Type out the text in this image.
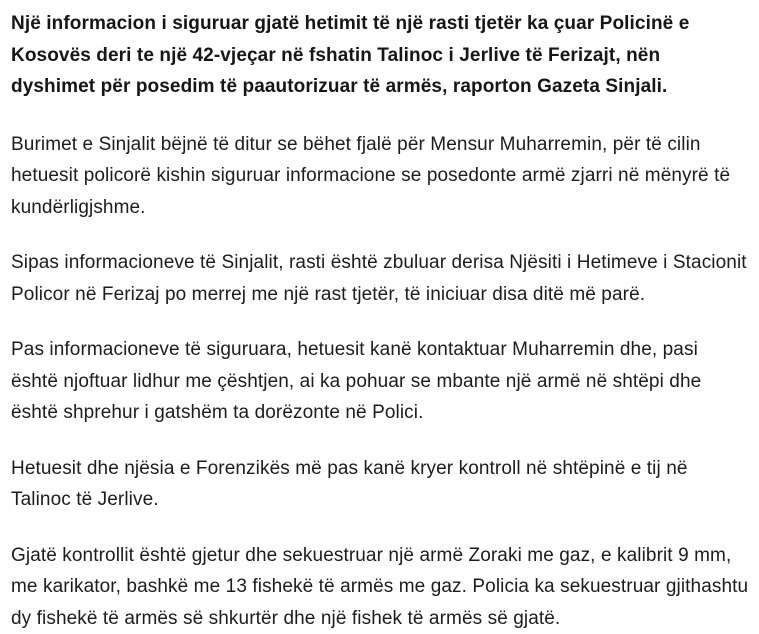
Një informacion i siguruar gjatë hetimit të një rasti tjetër ka çuar Policinë e Kosovës deri te një 42-vjeçar në fshatin Talinoc i Jerlive të Ferizajt, nën dyshimet për posedim të paautorizuar të armës, raporton Gazeta Sinjali.

Burimet e Sinjalit bëjnë të ditur se bëhet fjalë për Mensur Muharremin, për të cilin hetuesit policorë kishin siguruar informacione se posedonte armë zjarri në mënyrë të kundërligjshme.

Sipas informacioneve të Sinjalit, rasti është zbuluar derisa Njësiti i Hetimeve i Stacionit Policor në Ferizaj po merrej me një rast tjetër, të iniciuar disa ditë më parë.

Pas informacioneve të siguruara, hetuesit kanë kontaktuar Muharremin dhe, pasi është njoftuar lidhur me çështjen, ai ka pohuar se mbante një armë në shtëpi dhe është shprehur i gatshëm ta dorëzonte në Polici.

Hetuesit dhe njësia e Forenzikës më pas kanë kryer kontroll në shtëpinë e tij në Talinoc të Jerlive.

Gjatë kontrollit është gjetur dhe sekuestruar një armë Zoraki me gaz, e kalibrit 9 mm, me karikator, bashkë me 13 fishekë të armës me gaz. Policia ka sekuestruar gjithashtu dy fishekë të armës së shkurtër dhe një fishek të armës së gjatë.
